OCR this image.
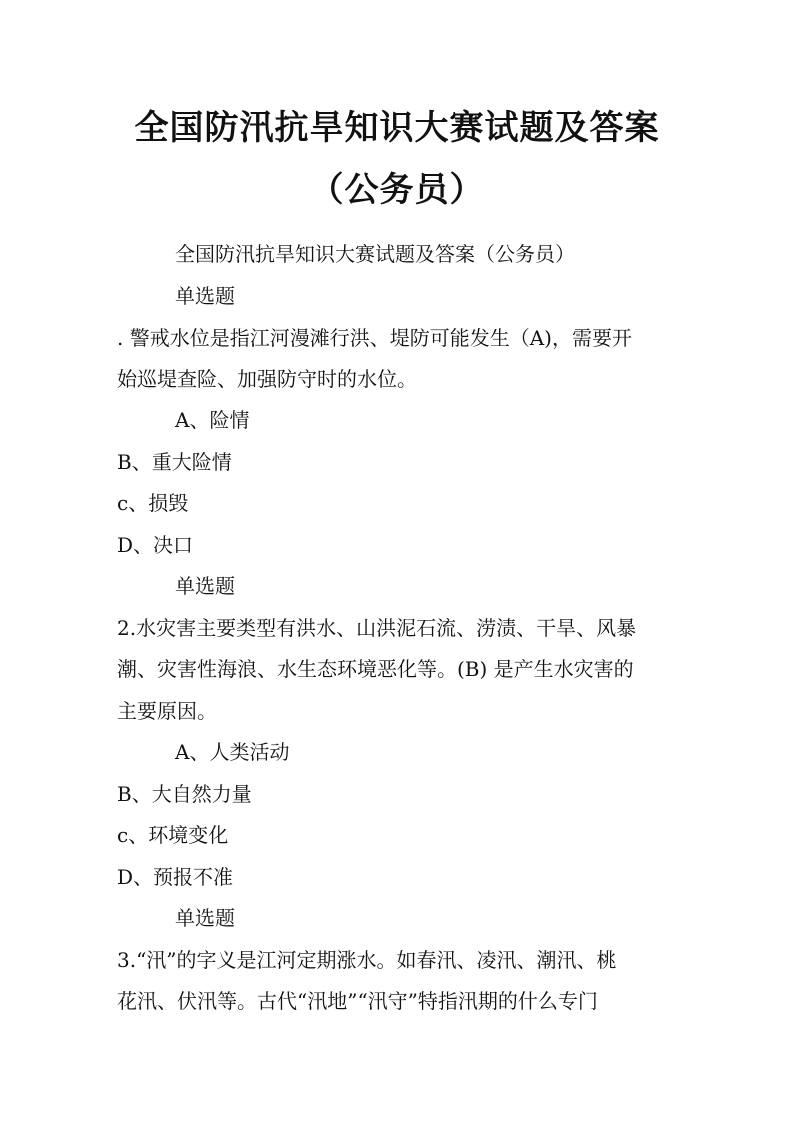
全国防汛抗旱知识大赛试题及答案
（公务员）
全国防汛抗旱知识大赛试题及答案（公务员）
单选题
. 警戒水位是指江河漫滩行洪、堤防可能发生（A)，需要开
始巡堤查险、加强防守时的水位。
A、险情
B、重大险情
c、损毁
D、决口
单选题
2.水灾害主要类型有洪水、山洪泥石流、涝渍、干旱、风暴
潮、灾害性海浪、水生态环境恶化等。(B) 是产生水灾害的
主要原因。
A、人类活动
B、大自然力量
c、环境变化
D、预报不准
单选题
3.“汛”的字义是江河定期涨水。如春汛、凌汛、潮汛、桃
花汛、伏汛等。古代“汛地”“汛守”特指汛期的什么专门
